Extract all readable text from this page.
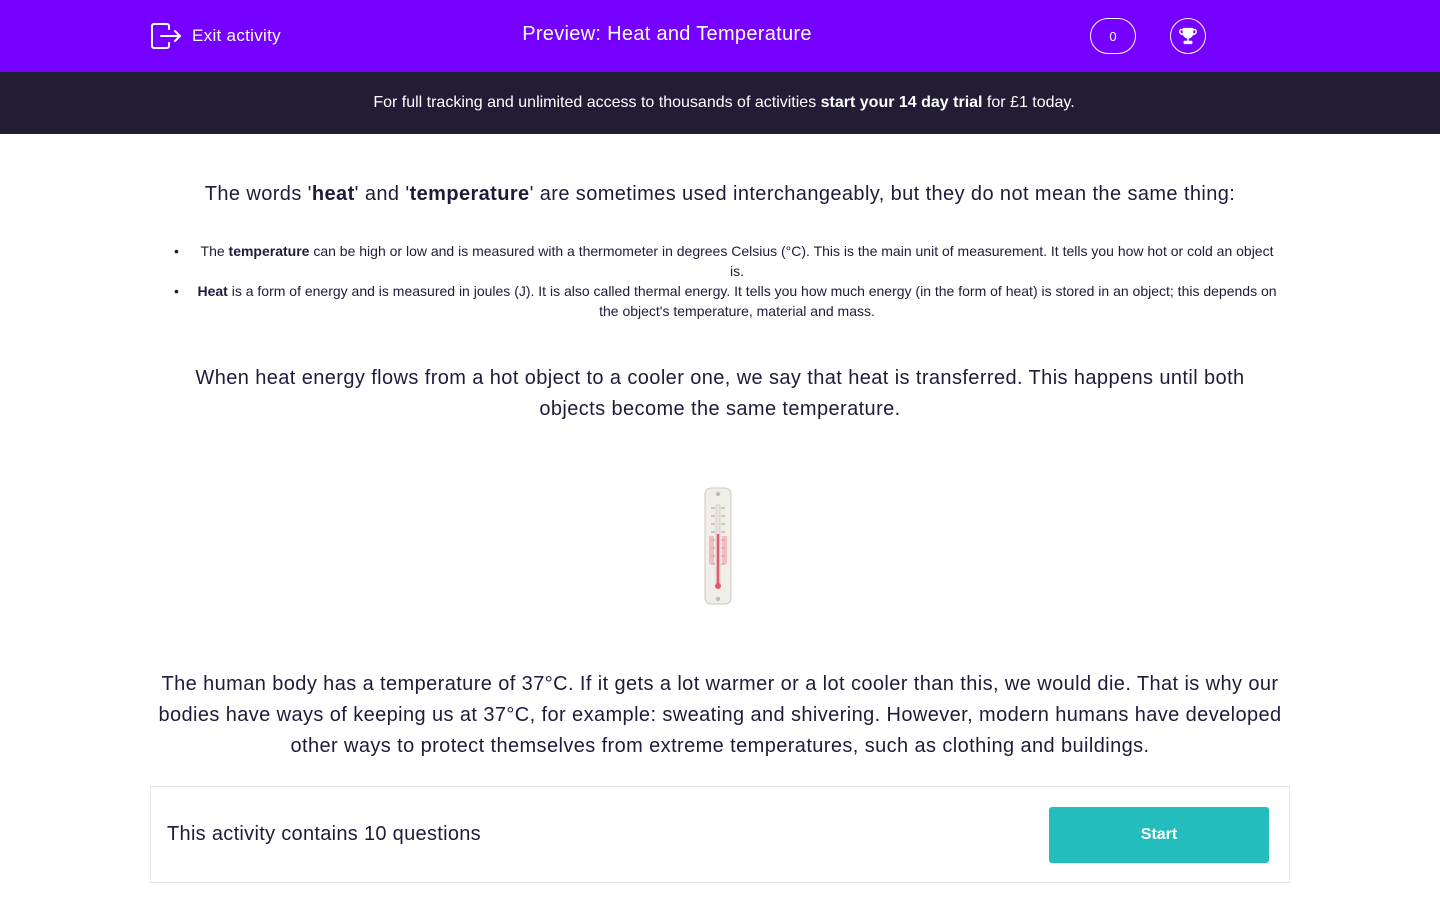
Exit activity	Preview: Heat and Temperature	0
For full tracking and unlimited access to thousands of activities start your 14 day trial for £1 today.

The words 'heat' and 'temperature' are sometimes used interchangeably, but they do not mean the same thing:

• The temperature can be high or low and is measured with a thermometer in degrees Celsius (°C). This is the main unit of measurement. It tells you how hot or cold an object is.
• Heat is a form of energy and is measured in joules (J). It is also called thermal energy. It tells you how much energy (in the form of heat) is stored in an object; this depends on the object's temperature, material and mass.

When heat energy flows from a hot object to a cooler one, we say that heat is transferred. This happens until both objects become the same temperature.

The human body has a temperature of 37°C. If it gets a lot warmer or a lot cooler than this, we would die. That is why our bodies have ways of keeping us at 37°C, for example: sweating and shivering. However, modern humans have developed other ways to protect themselves from extreme temperatures, such as clothing and buildings.

This activity contains 10 questions	Start
